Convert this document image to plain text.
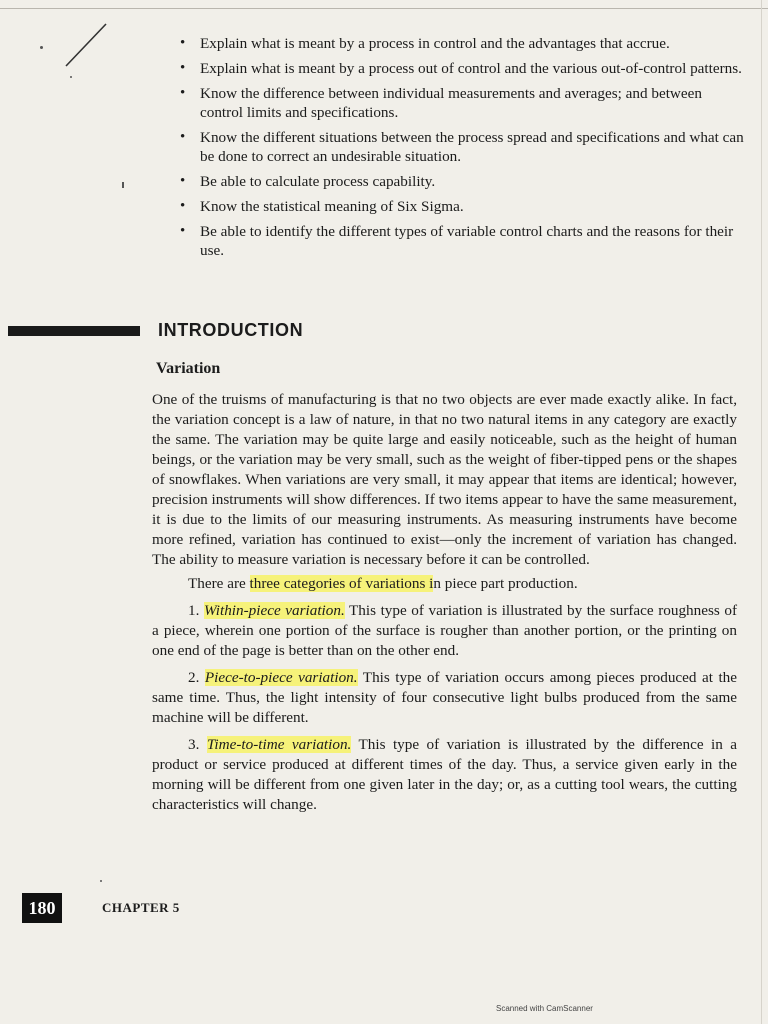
• Explain what is meant by a process in control and the advantages that accrue.
• Explain what is meant by a process out of control and the various out-of-control patterns.
• Know the difference between individual measurements and averages; and between control limits and specifications.
• Know the different situations between the process spread and specifications and what can be done to correct an undesirable situation.
• Be able to calculate process capability.
• Know the statistical meaning of Six Sigma.
• Be able to identify the different types of variable control charts and the reasons for their use.
INTRODUCTION
Variation

One of the truisms of manufacturing is that no two objects are ever made exactly alike. In fact, the variation concept is a law of nature, in that no two natural items in any category are exactly the same. The variation may be quite large and easily noticeable, such as the height of human beings, or the variation may be very small, such as the weight of fiber-tipped pens or the shapes of snowflakes. When variations are very small, it may appear that items are identical; however, precision instruments will show differences. If two items appear to have the same measurement, it is due to the limits of our measuring instruments. As measuring instruments have become more refined, variation has continued to exist—only the increment of variation has changed. The ability to measure variation is necessary before it can be controlled.

There are three categories of variations in piece part production.

1. Within-piece variation. This type of variation is illustrated by the surface roughness of a piece, wherein one portion of the surface is rougher than another portion, or the printing on one end of the page is better than on the other end.

2. Piece-to-piece variation. This type of variation occurs among pieces produced at the same time. Thus, the light intensity of four consecutive light bulbs produced from the same machine will be different.

3. Time-to-time variation. This type of variation is illustrated by the difference in a product or service produced at different times of the day. Thus, a service given early in the morning will be different from one given later in the day; or, as a cutting tool wears, the cutting characteristics will change.

180	CHAPTER 5
Scanned with CamScanner
